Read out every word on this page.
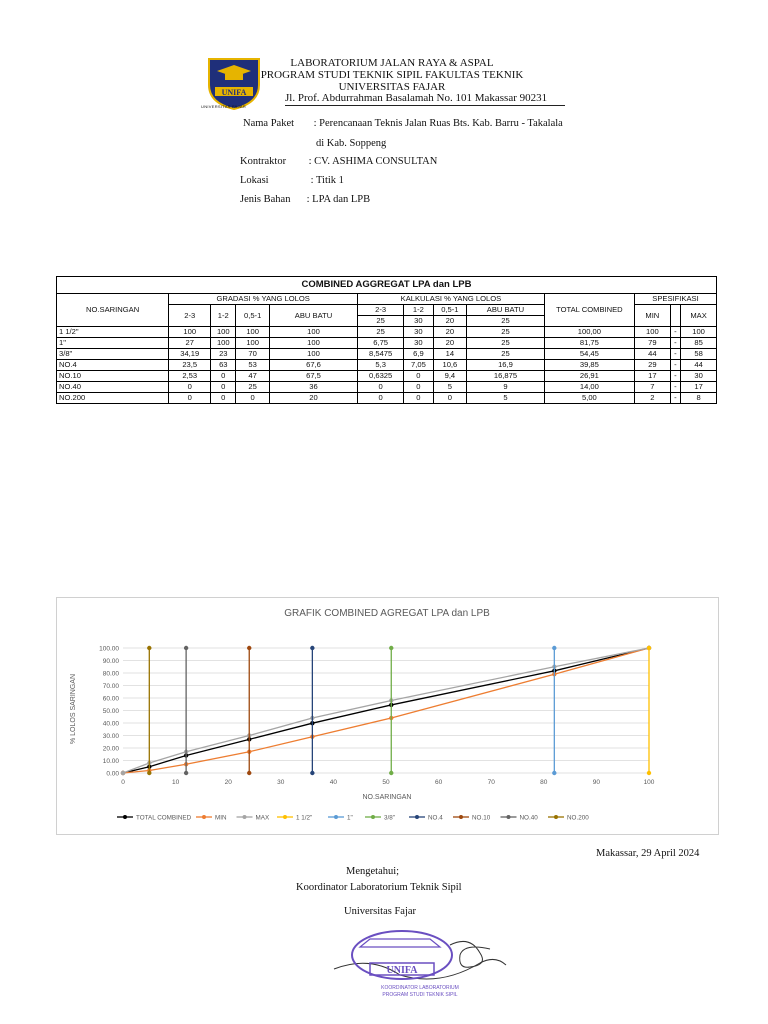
UNIFA
UNIVERSITAS FAJAR
LABORATORIUM JALAN RAYA & ASPAL
PROGRAM STUDI TEKNIK SIPIL FAKULTAS TEKNIK
UNIVERSITAS FAJAR
Jl. Prof. Abdurrahman Basalamah No. 101 Makassar 90231
Nama Paket : Perencanaan Teknis Jalan Ruas Bts. Kab. Barru - Takalala
di Kab. Soppeng
Kontraktor : CV. ASHIMA CONSULTAN
Lokasi	: Titik 1
Jenis Bahan : LPA dan LPB
COMBINED AGGREGAT LPA dan LPB												
NO.SARINGAN	GRADASI % YANG LOLOS				KALKULASI % YANG LOLOS				TOTAL COMBINED	SPESIFIKASI		
	2-3	1-2	0,5-1	ABU BATU	2-3	1-2	0,5-1	ABU BATU		MIN		MAX
					25	30	20	25				
1 1/2"	100	100	100	100	25	30	20	25	100,00	100	-	100
1"	27	100	100	100	6,75	30	20	25	81,75	79	-	85
3/8"	34,19	23	70	100	8,5475	6,9	14	25	54,45	44	-	58
NO.4	23,5	63	53	67,6	5,3	7,05	10,6	16,9	39,85	29	-	44
NO.10	2,53	0	47	67,5	0,6325	0	9,4	16,875	26,91	17	-	30
NO.40	0	0	25	36	0	0	5	9	14,00	7	-	17
NO.200	0	0	0	20	0	0	0	5	5,00	2	-	8
GRAFIK COMBINED AGREGAT LPA dan LPB
NO.SARINGAN
% LOLOS SARINGAN
0.00
10.00
20.00
30.00
40.00
50.00
60.00
70.00
80.00
90.00
100.00
0	10	20	30	40	50	60	70	80	90	100
TOTAL COMBINED	MIN	MAX	1 1/2"	1"	3/8"	NO.4	NO.10	NO.40	NO.200
Makassar, 29 April 2024
Mengetahui;
Koordinator Laboratorium Teknik Sipil
Universitas Fajar
UNIFA
KOORDINATOR LABORATORIUM
PROGRAM STUDI TEKNIK SIPIL
